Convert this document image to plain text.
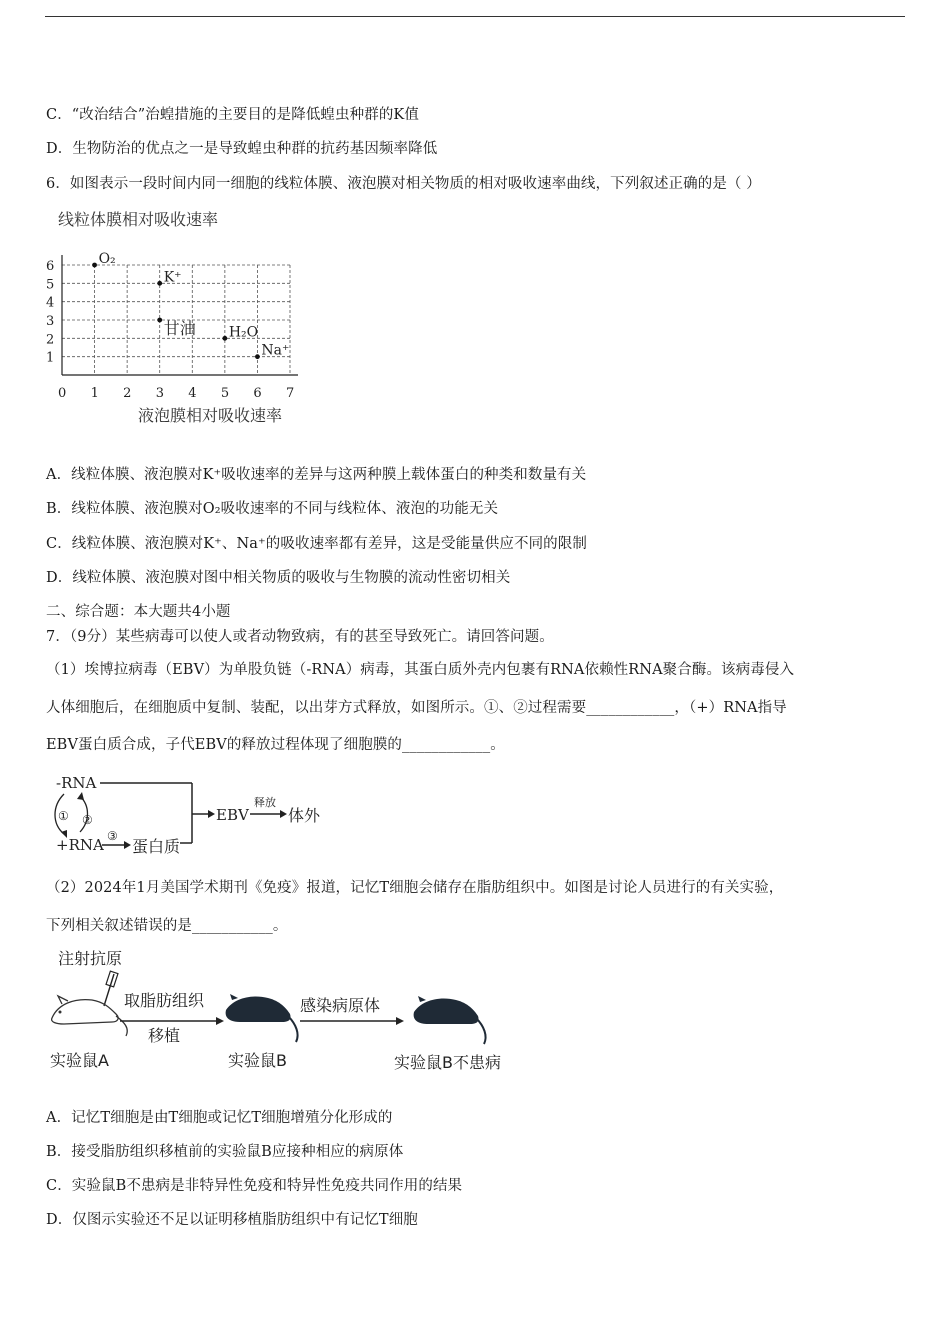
C．“改治结合”治蝗措施的主要目的是降低蝗虫种群的K值
D．生物防治的优点之一是导致蝗虫种群的抗药基因频率降低
6．如图表示一段时间内同一细胞的线粒体膜、液泡膜对相关物质的相对吸收速率曲线，下列叙述正确的是（ ）
线粒体膜相对吸收速率
0 1 2 3 4 5 6 7
1
2
3
4
5
6	O₂
K⁺
甘油 H₂O
Na⁺
液泡膜相对吸收速率
A．线粒体膜、液泡膜对K⁺吸收速率的差异与这两种膜上载体蛋白的种类和数量有关
B．线粒体膜、液泡膜对O₂吸收速率的不同与线粒体、液泡的功能无关
C．线粒体膜、液泡膜对K⁺、Na⁺的吸收速率都有差异，这是受能量供应不同的限制
D．线粒体膜、液泡膜对图中相关物质的吸收与生物膜的流动性密切相关
二、综合题：本大题共4小题
7．（9分）某些病毒可以使人或者动物致病，有的甚至导致死亡。请回答问题。
（1）埃博拉病毒（EBV）为单股负链（-RNA）病毒，其蛋白质外壳内包裹有RNA依赖性RNA聚合酶。该病毒侵入
人体细胞后，在细胞质中复制、装配，以出芽方式释放，如图所示。①、②过程需要____________，（+）RNA指导
EBV蛋白质合成，子代EBV的释放过程体现了细胞膜的____________。
-RNA
EBV
释放
体外
① ②
+RNA ③
蛋白质
（2）2024年1月美国学术期刊《免疫》报道，记忆T细胞会储存在脂肪组织中。如图是讨论人员进行的有关实验，
下列相关叙述错误的是___________。
注射抗原
取脂肪组织
移植
感染病原体
实验鼠A	实验鼠B	实验鼠B不患病
A．记忆T细胞是由T细胞或记忆T细胞增殖分化形成的
B．接受脂肪组织移植前的实验鼠B应接种相应的病原体
C．实验鼠B不患病是非特异性免疫和特异性免疫共同作用的结果
D．仅图示实验还不足以证明移植脂肪组织中有记忆T细胞
